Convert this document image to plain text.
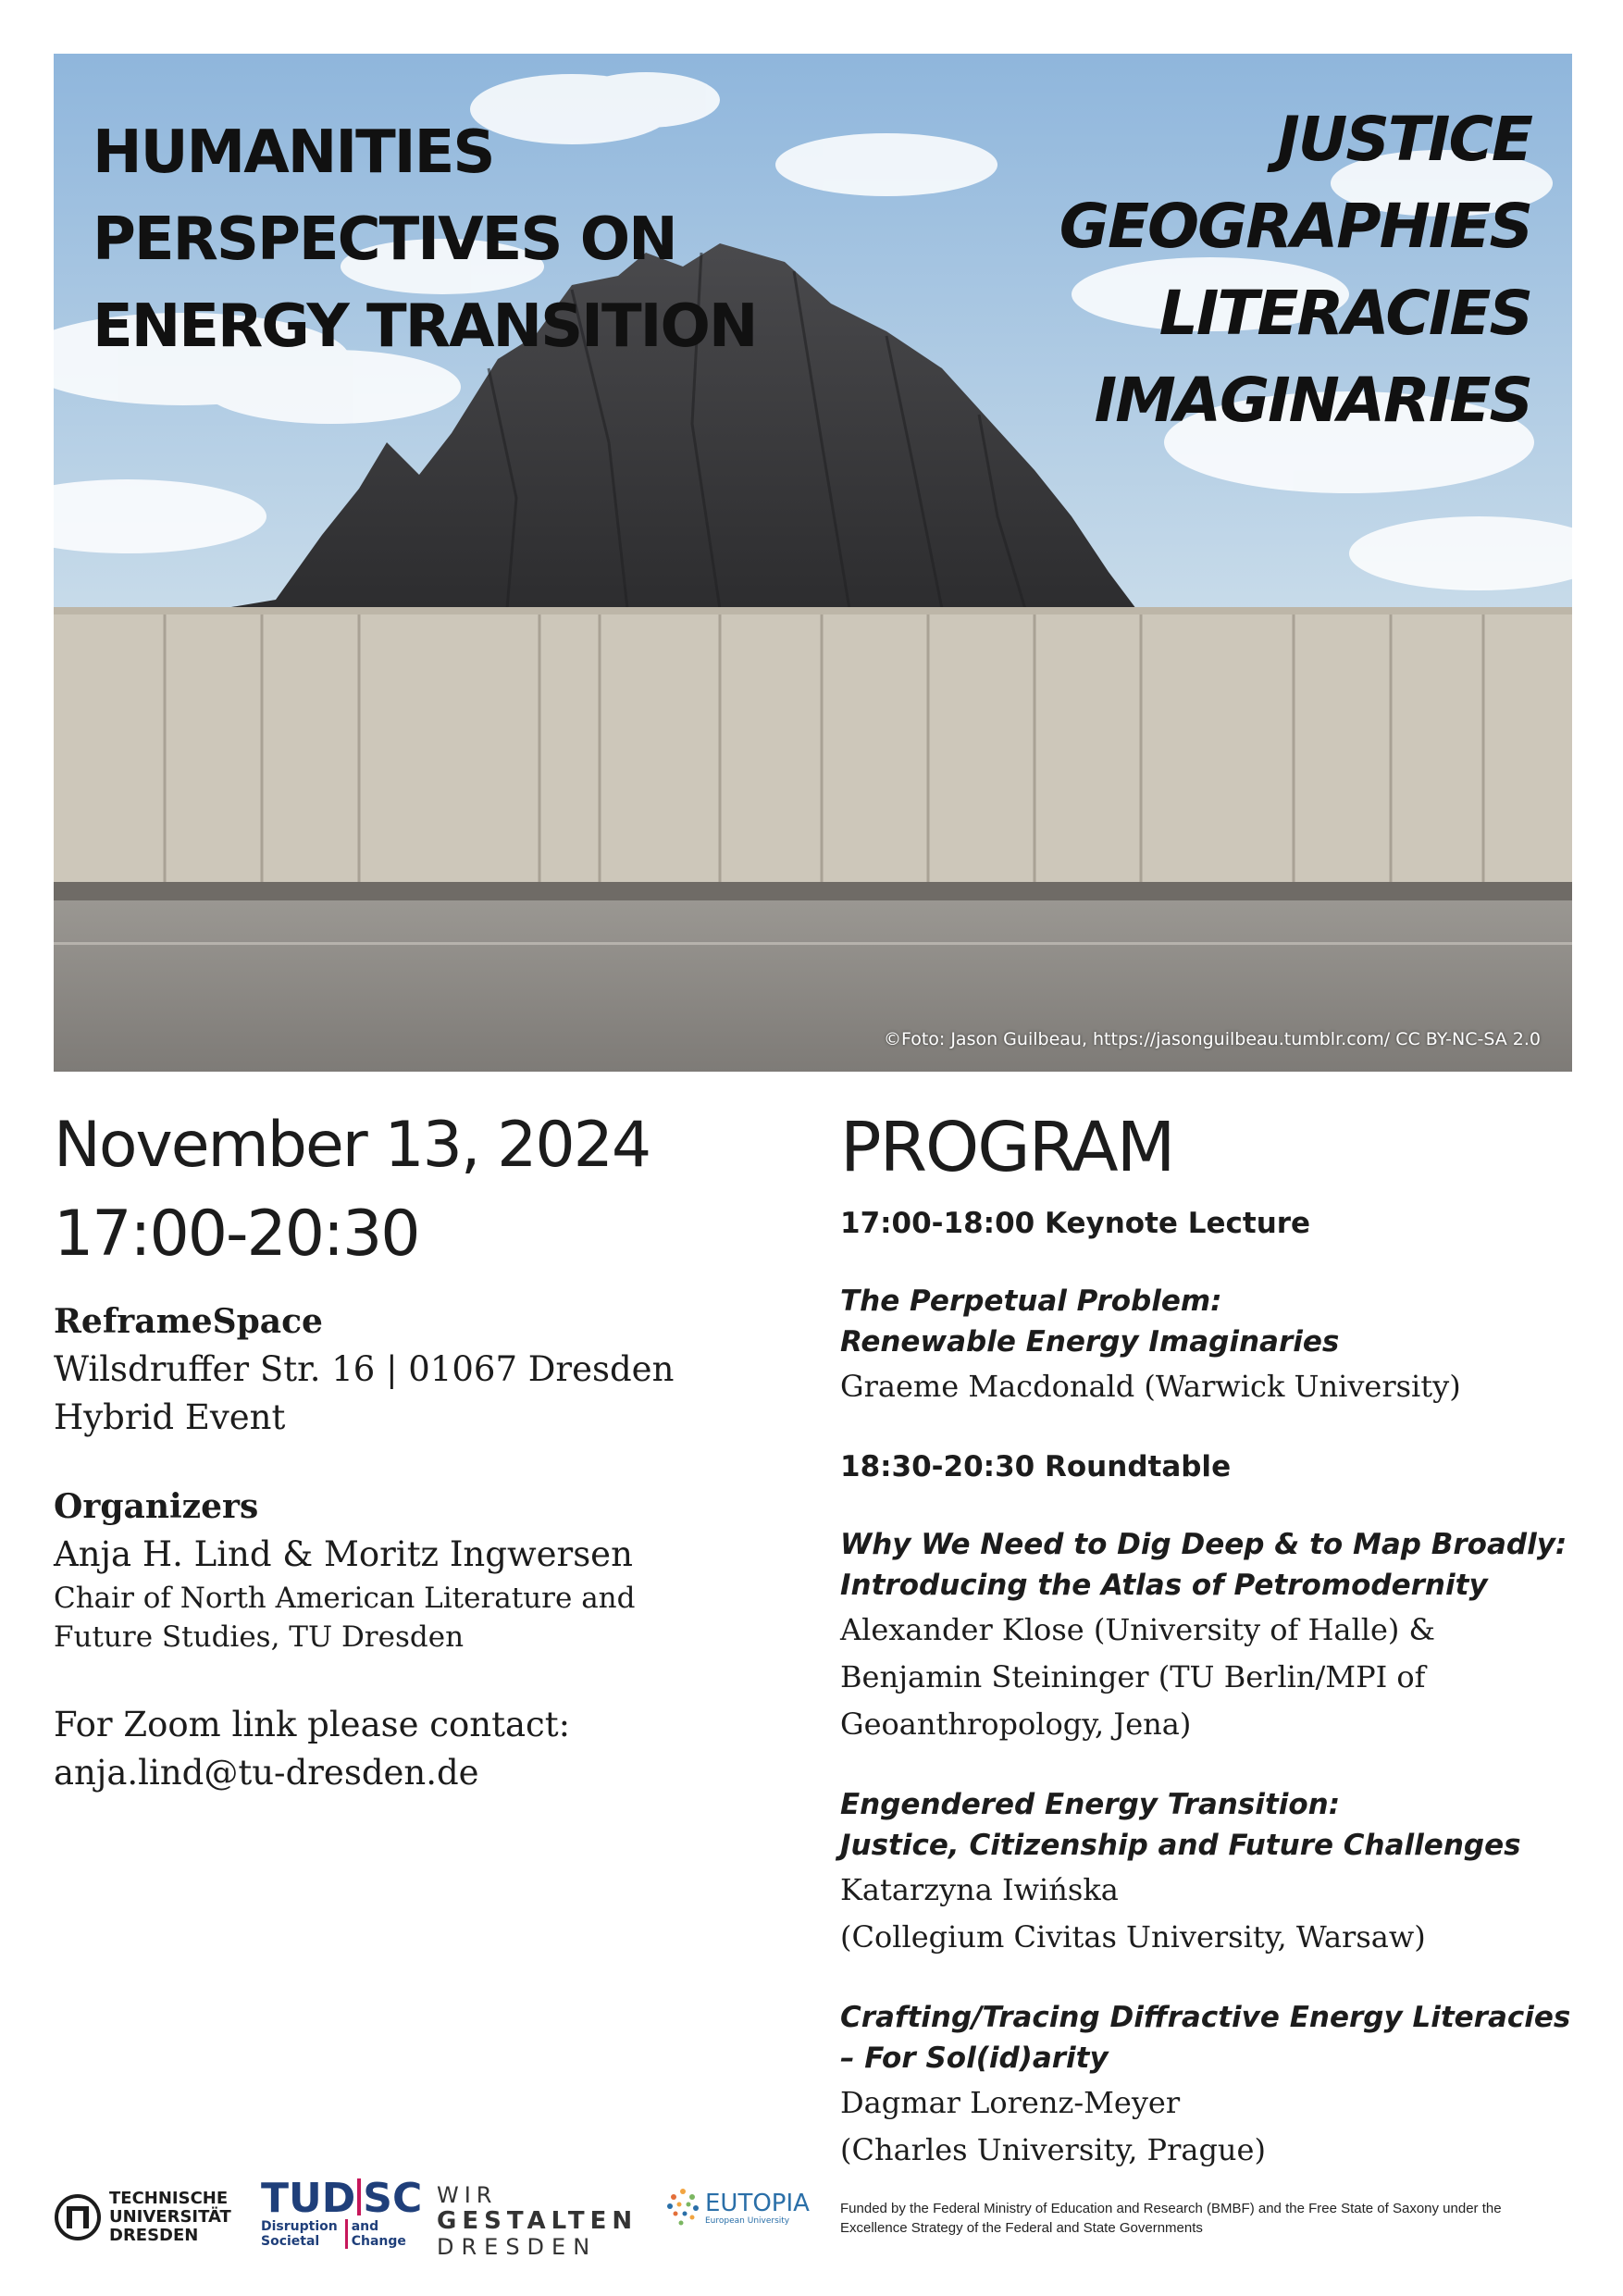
HUMANITIES
PERSPECTIVES ON
ENERGY TRANSITION
JUSTICE
GEOGRAPHIES
LITERACIES
IMAGINARIES
©Foto: Jason Guilbeau, https://jasonguilbeau.tumblr.com/ CC BY-NC-SA 2.0
November 13, 2024
17:00-20:30
ReframeSpace
Wilsdruffer Str. 16 | 01067 Dresden
Hybrid Event
Organizers
Anja H. Lind & Moritz Ingwersen
Chair of North American Literature and
Future Studies, TU Dresden
For Zoom link please contact:
anja.lind@tu-dresden.de
PROGRAM
17:00-18:00 Keynote Lecture
The Perpetual Problem:
Renewable Energy Imaginaries
Graeme Macdonald (Warwick University)
18:30-20:30 Roundtable
Why We Need to Dig Deep & to Map Broadly:
Introducing the Atlas of Petromodernity
Alexander Klose (University of Halle) &
Benjamin Steininger (TU Berlin/MPI of
Geoanthropology, Jena)
Engendered Energy Transition:
Justice, Citizenship and Future Challenges
Katarzyna Iwińska
(Collegium Civitas University, Warsaw)
Crafting/Tracing Diffractive Energy Literacies
– For Sol(id)arity
Dagmar Lorenz-Meyer
(Charles University, Prague)
TECHNISCHE
UNIVERSITÄT
DRESDEN
TUD SC
Disruption
Societal
and
Change
WIR
GESTALTEN
DRESDEN
EUTOPIA
European University
Funded by the Federal Ministry of Education and Research (BMBF) and the Free State of Saxony under the Excellence Strategy of the Federal and State Governments
